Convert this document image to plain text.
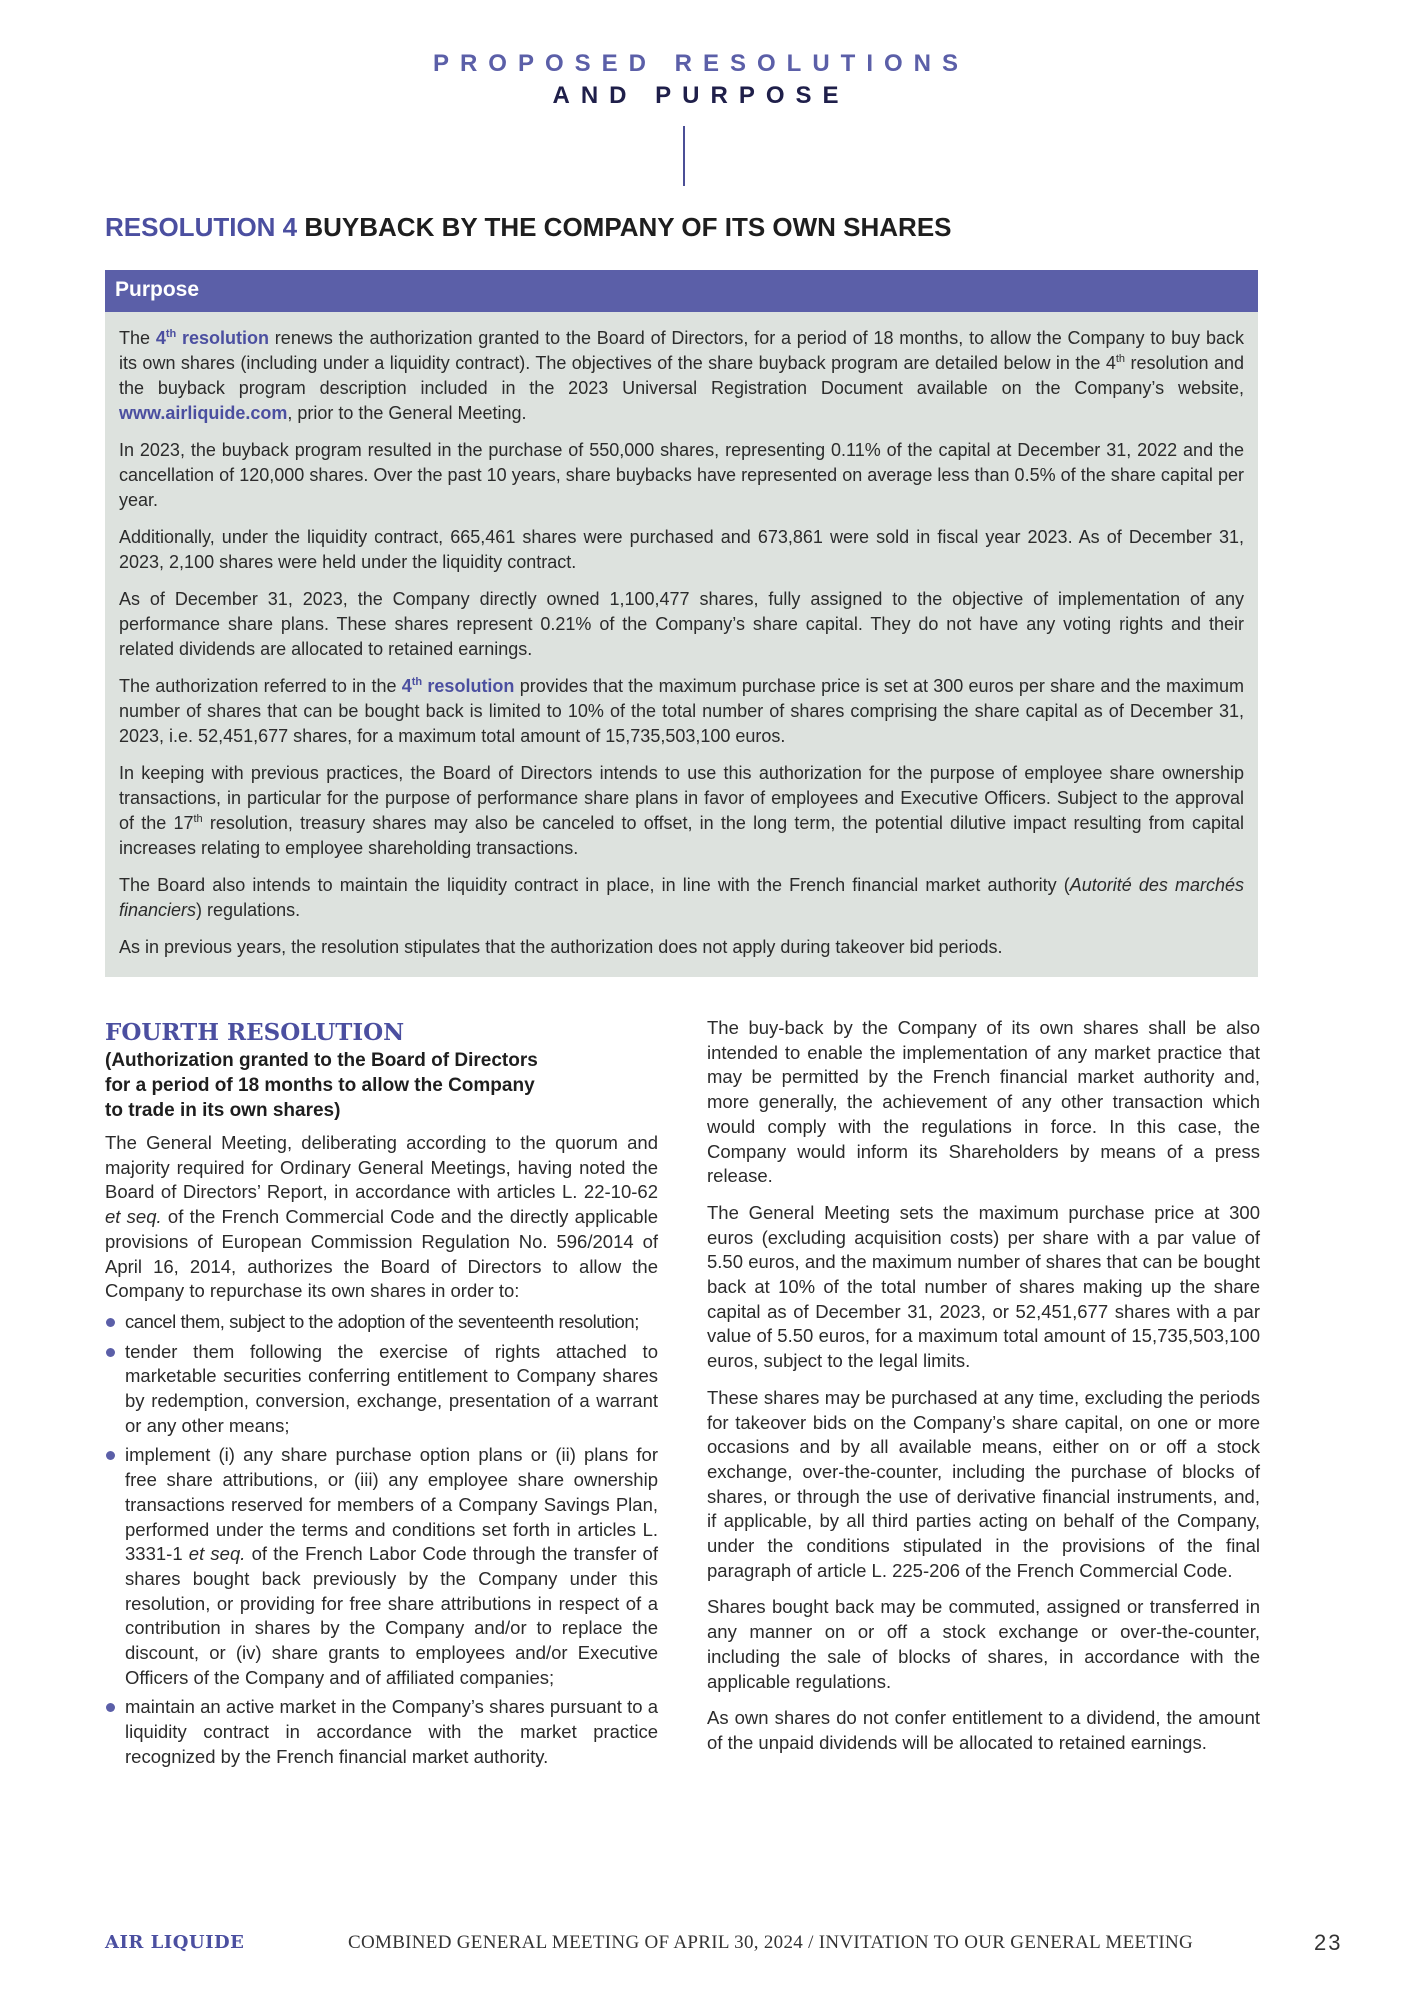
PROPOSED RESOLUTIONS
AND PURPOSE
RESOLUTION 4 BUYBACK BY THE COMPANY OF ITS OWN SHARES
Purpose

The 4th resolution renews the authorization granted to the Board of Directors, for a period of 18 months, to allow the Company to buy back its own shares (including under a liquidity contract). The objectives of the share buyback program are detailed below in the 4th resolution and the buyback program description included in the 2023 Universal Registration Document available on the Company’s website, www.airliquide.com, prior to the General Meeting.

In 2023, the buyback program resulted in the purchase of 550,000 shares, representing 0.11% of the capital at December 31, 2022 and the cancellation of 120,000 shares. Over the past 10 years, share buybacks have represented on average less than 0.5% of the share capital per year.

Additionally, under the liquidity contract, 665,461 shares were purchased and 673,861 were sold in fiscal year 2023. As of December 31, 2023, 2,100 shares were held under the liquidity contract.

As of December 31, 2023, the Company directly owned 1,100,477 shares, fully assigned to the objective of implementation of any performance share plans. These shares represent 0.21% of the Company’s share capital. They do not have any voting rights and their related dividends are allocated to retained earnings.

The authorization referred to in the 4th resolution provides that the maximum purchase price is set at 300 euros per share and the maximum number of shares that can be bought back is limited to 10% of the total number of shares comprising the share capital as of December 31, 2023, i.e. 52,451,677 shares, for a maximum total amount of 15,735,503,100 euros.

In keeping with previous practices, the Board of Directors intends to use this authorization for the purpose of employee share ownership transactions, in particular for the purpose of performance share plans in favor of employees and Executive Officers. Subject to the approval of the 17th resolution, treasury shares may also be canceled to offset, in the long term, the potential dilutive impact resulting from capital increases relating to employee shareholding transactions.

The Board also intends to maintain the liquidity contract in place, in line with the French financial market authority (Autorité des marchés financiers) regulations.

As in previous years, the resolution stipulates that the authorization does not apply during takeover bid periods.

FOURTH RESOLUTION
(Authorization granted to the Board of Directors
for a period of 18 months to allow the Company
to trade in its own shares)

The General Meeting, deliberating according to the quorum and majority required for Ordinary General Meetings, having noted the Board of Directors’ Report, in accordance with articles L. 22-10-62 et seq. of the French Commercial Code and the directly applicable provisions of European Commission Regulation No. 596/2014 of April 16, 2014, authorizes the Board of Directors to allow the Company to repurchase its own shares in order to:

cancel them, subject to the adoption of the seventeenth resolution;
tender them following the exercise of rights attached to marketable securities conferring entitlement to Company shares by redemption, conversion, exchange, presentation of a warrant or any other means;
implement (i) any share purchase option plans or (ii) plans for free share attributions, or (iii) any employee share ownership transactions reserved for members of a Company Savings Plan, performed under the terms and conditions set forth in articles L. 3331-1 et seq. of the French Labor Code through the transfer of shares bought back previously by the Company under this resolution, or providing for free share attributions in respect of a contribution in shares by the Company and/or to replace the discount, or (iv) share grants to employees and/or Executive Officers of the Company and of affiliated companies;
maintain an active market in the Company’s shares pursuant to a liquidity contract in accordance with the market practice recognized by the French financial market authority.

The buy-back by the Company of its own shares shall be also intended to enable the implementation of any market practice that may be permitted by the French financial market authority and, more generally, the achievement of any other transaction which would comply with the regulations in force. In this case, the Company would inform its Shareholders by means of a press release.

The General Meeting sets the maximum purchase price at 300 euros (excluding acquisition costs) per share with a par value of 5.50 euros, and the maximum number of shares that can be bought back at 10% of the total number of shares making up the share capital as of December 31, 2023, or 52,451,677 shares with a par value of 5.50 euros, for a maximum total amount of 15,735,503,100 euros, subject to the legal limits.

These shares may be purchased at any time, excluding the periods for takeover bids on the Company’s share capital, on one or more occasions and by all available means, either on or off a stock exchange, over-the-counter, including the purchase of blocks of shares, or through the use of derivative financial instruments, and, if applicable, by all third parties acting on behalf of the Company, under the conditions stipulated in the provisions of the final paragraph of article L. 225-206 of the French Commercial Code.

Shares bought back may be commuted, assigned or transferred in any manner on or off a stock exchange or over-the-counter, including the sale of blocks of shares, in accordance with the applicable regulations.

As own shares do not confer entitlement to a dividend, the amount of the unpaid dividends will be allocated to retained earnings.

AIR LIQUIDE	COMBINED GENERAL MEETING OF APRIL 30, 2024 / INVITATION TO OUR GENERAL MEETING	23
